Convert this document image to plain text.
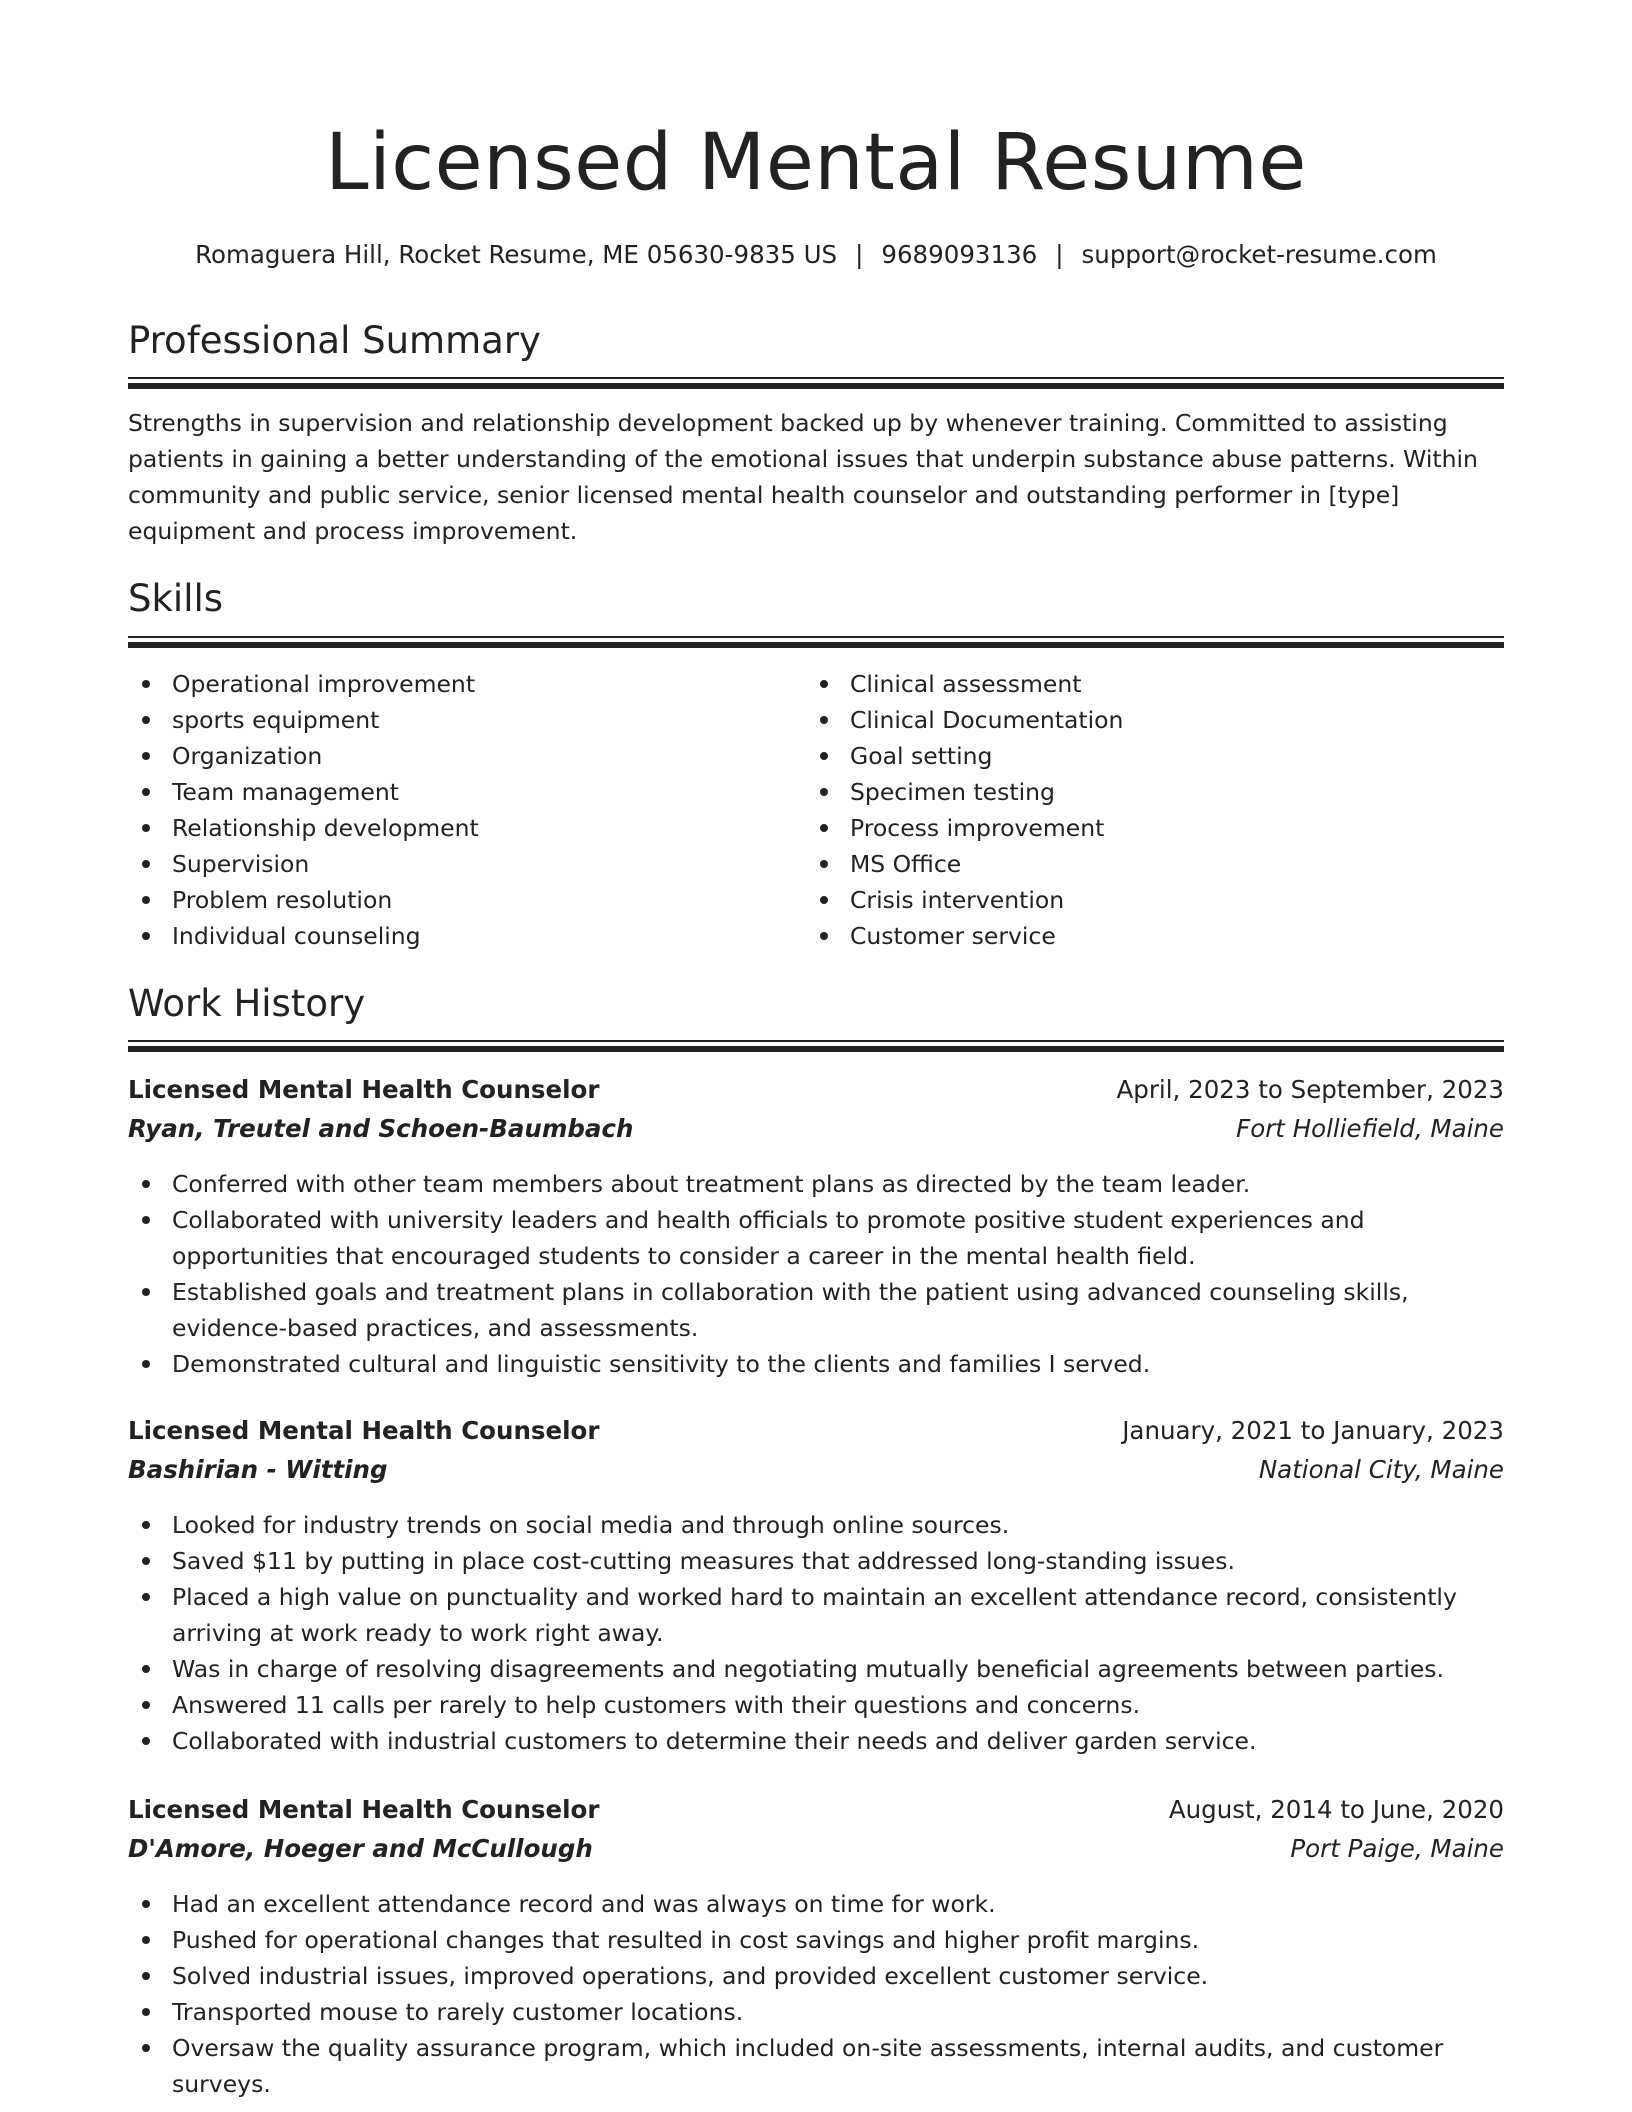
Licensed Mental Resume
Romaguera Hill, Rocket Resume, ME 05630-9835 US | 9689093136 | support@rocket-resume.com
Professional Summary

Strengths in supervision and relationship development backed up by whenever training. Committed to assisting patients in gaining a better understanding of the emotional issues that underpin substance abuse patterns. Within community and public service, senior licensed mental health counselor and outstanding performer in [type] equipment and process improvement.

Skills
Operational improvement
sports equipment
Organization
Team management
Relationship development
Supervision
Problem resolution
Individual counseling
Clinical assessment
Clinical Documentation
Goal setting
Specimen testing
Process improvement
MS Office
Crisis intervention
Customer service
Work History
Licensed Mental Health Counselor	April, 2023 to September, 2023
Ryan, Treutel and Schoen-Baumbach	Fort Holliefield, Maine
Conferred with other team members about treatment plans as directed by the team leader.
Collaborated with university leaders and health officials to promote positive student experiences and opportunities that encouraged students to consider a career in the mental health field.
Established goals and treatment plans in collaboration with the patient using advanced counseling skills, evidence-based practices, and assessments.
Demonstrated cultural and linguistic sensitivity to the clients and families I served.
Licensed Mental Health Counselor	January, 2021 to January, 2023
Bashirian - Witting	National City, Maine
Looked for industry trends on social media and through online sources.
Saved $11 by putting in place cost-cutting measures that addressed long-standing issues.
Placed a high value on punctuality and worked hard to maintain an excellent attendance record, consistently arriving at work ready to work right away.
Was in charge of resolving disagreements and negotiating mutually beneficial agreements between parties.
Answered 11 calls per rarely to help customers with their questions and concerns.
Collaborated with industrial customers to determine their needs and deliver garden service.
Licensed Mental Health Counselor	August, 2014 to June, 2020
D'Amore, Hoeger and McCullough	Port Paige, Maine
Had an excellent attendance record and was always on time for work.
Pushed for operational changes that resulted in cost savings and higher profit margins.
Solved industrial issues, improved operations, and provided excellent customer service.
Transported mouse to rarely customer locations.
Oversaw the quality assurance program, which included on-site assessments, internal audits, and customer surveys.
